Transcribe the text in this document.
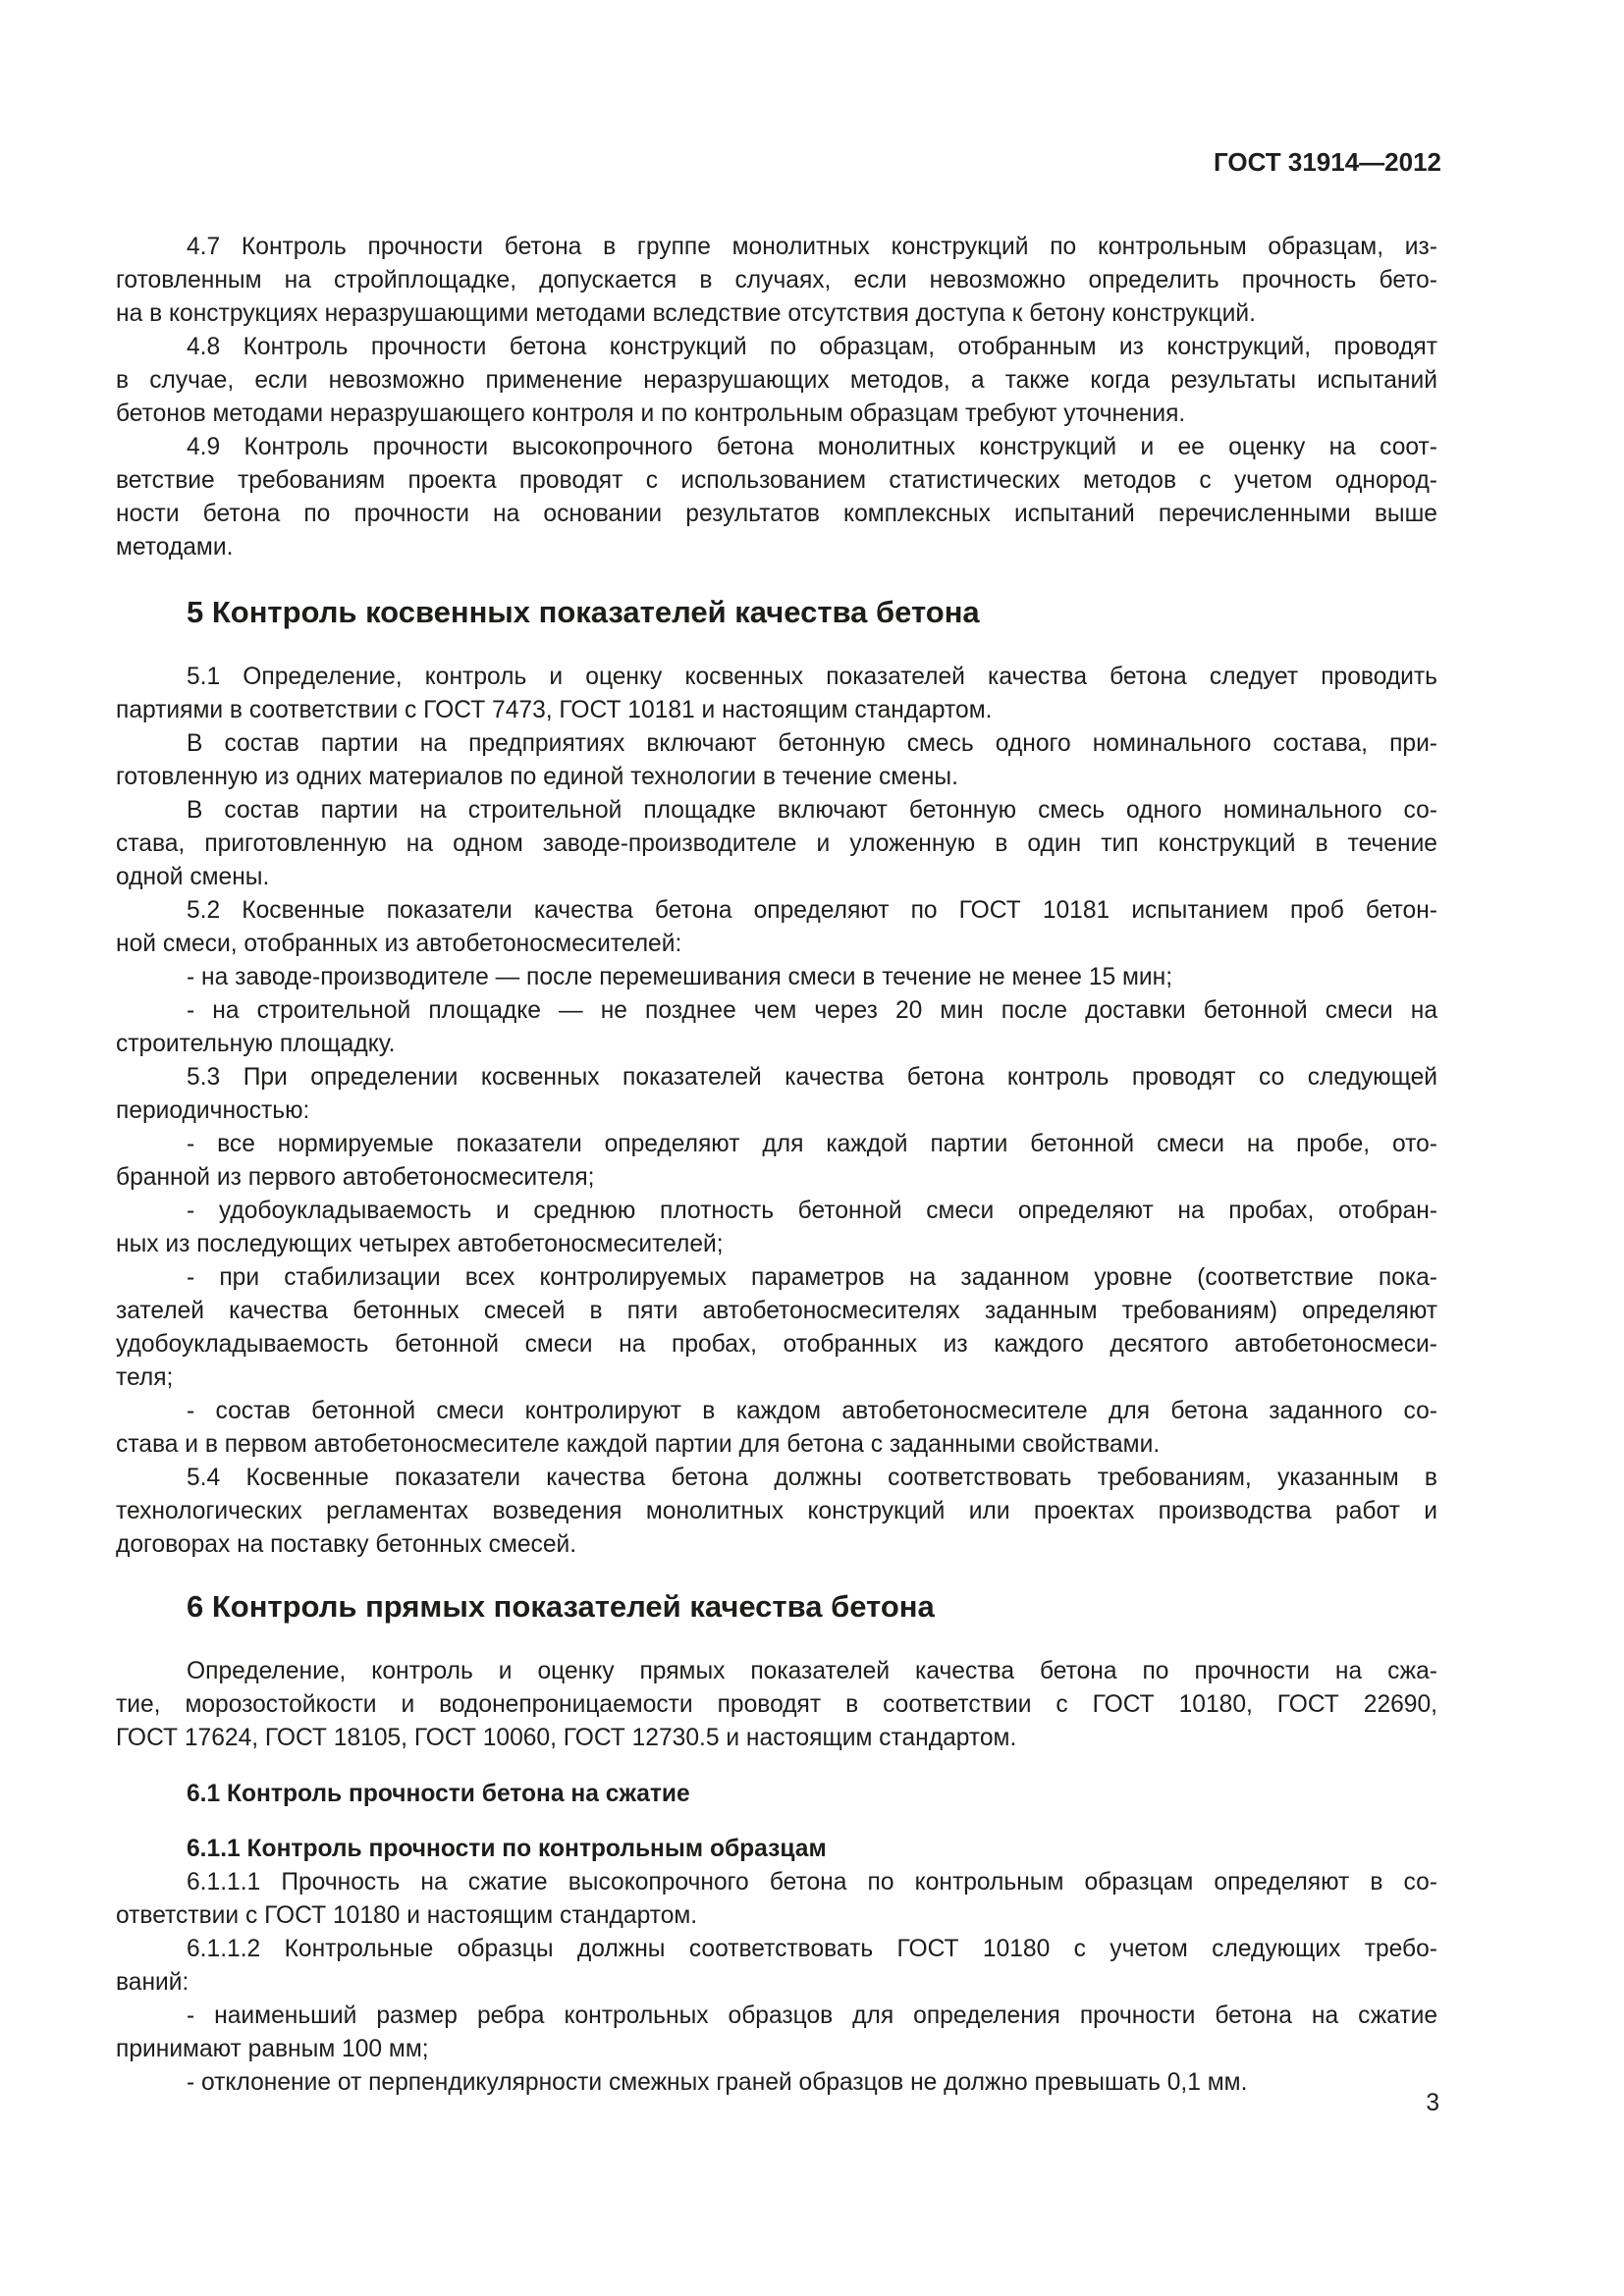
ГОСТ 31914—2012

4.7 Контроль прочности бетона в группе монолитных конструкций по контрольным образцам, из-

готовленным на стройплощадке, допускается в случаях, если невозможно определить прочность бето-

на в конструкциях неразрушающими методами вследствие отсутствия доступа к бетону конструкций.

4.8 Контроль прочности бетона конструкций по образцам, отобранным из конструкций, проводят

в случае, если невозможно применение неразрушающих методов, а также когда результаты испытаний

бетонов методами неразрушающего контроля и по контрольным образцам требуют уточнения.

4.9 Контроль прочности высокопрочного бетона монолитных конструкций и ее оценку на соот-

ветствие требованиям проекта проводят с использованием статистических методов с учетом однород-

ности бетона по прочности на основании результатов комплексных испытаний перечисленными выше

методами.

5 Контроль косвенных показателей качества бетона

5.1 Определение, контроль и оценку косвенных показателей качества бетона следует проводить

партиями в соответствии с ГОСТ 7473, ГОСТ 10181 и настоящим стандартом.

В состав партии на предприятиях включают бетонную смесь одного номинального состава, при-

готовленную из одних материалов по единой технологии в течение смены.

В состав партии на строительной площадке включают бетонную смесь одного номинального со-

става, приготовленную на одном заводе-производителе и уложенную в один тип конструкций в течение

одной смены.

5.2 Косвенные показатели качества бетона определяют по ГОСТ 10181 испытанием проб бетон-

ной смеси, отобранных из автобетоносмесителей:

- на заводе-производителе — после перемешивания смеси в течение не менее 15 мин;

- на строительной площадке — не позднее чем через 20 мин после доставки бетонной смеси на

строительную площадку.

5.3 При определении косвенных показателей качества бетона контроль проводят со следующей

периодичностью:

- все нормируемые показатели определяют для каждой партии бетонной смеси на пробе, ото-

бранной из первого автобетоносмесителя;

- удобоукладываемость и среднюю плотность бетонной смеси определяют на пробах, отобран-

ных из последующих четырех автобетоносмесителей;

- при стабилизации всех контролируемых параметров на заданном уровне (соответствие пока-

зателей качества бетонных смесей в пяти автобетоносмесителях заданным требованиям) определяют

удобоукладываемость бетонной смеси на пробах, отобранных из каждого десятого автобетоносмеси-

теля;

- состав бетонной смеси контролируют в каждом автобетоносмесителе для бетона заданного со-

става и в первом автобетоносмесителе каждой партии для бетона с заданными свойствами.

5.4 Косвенные показатели качества бетона должны соответствовать требованиям, указанным в

технологических регламентах возведения монолитных конструкций или проектах производства работ и

договорах на поставку бетонных смесей.

6 Контроль прямых показателей качества бетона

Определение, контроль и оценку прямых показателей качества бетона по прочности на сжа-

тие, морозостойкости и водонепроницаемости проводят в соответствии с ГОСТ 10180, ГОСТ 22690,

ГОСТ 17624, ГОСТ 18105, ГОСТ 10060, ГОСТ 12730.5 и настоящим стандартом.

6.1 Контроль прочности бетона на сжатие
6.1.1 Контроль прочности по контрольным образцам

6.1.1.1 Прочность на сжатие высокопрочного бетона по контрольным образцам определяют в со-

ответствии с ГОСТ 10180 и настоящим стандартом.

6.1.1.2 Контрольные образцы должны соответствовать ГОСТ 10180 с учетом следующих требо-

ваний:

- наименьший размер ребра контрольных образцов для определения прочности бетона на сжатие

принимают равным 100 мм;

- отклонение от перпендикулярности смежных граней образцов не должно превышать 0,1 мм.

3
